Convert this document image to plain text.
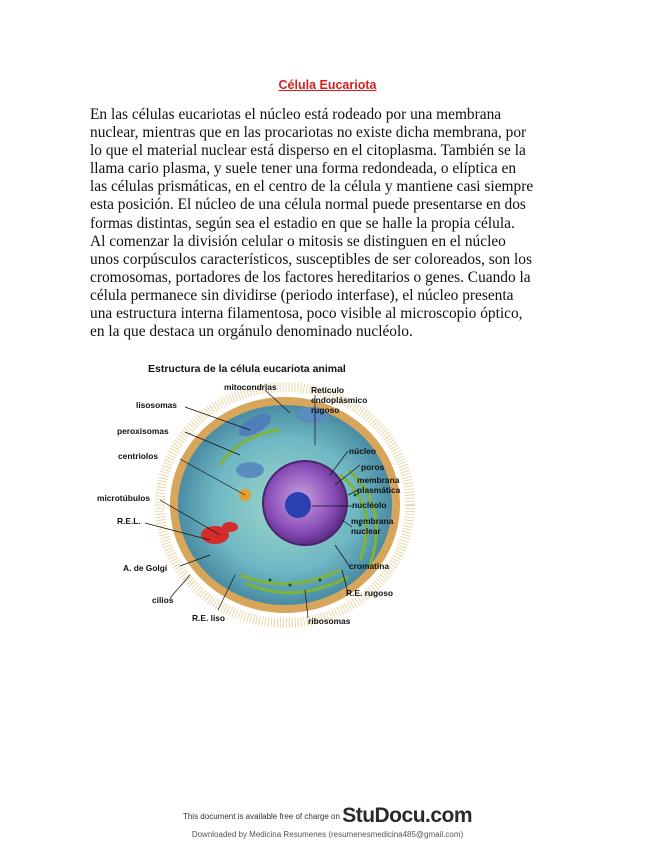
Célula Eucariota
En las células eucariotas el núcleo está rodeado por una membrana
nuclear, mientras que en las procariotas no existe dicha membrana, por
lo que el material nuclear está disperso en el citoplasma. También se la
llama cario plasma, y suele tener una forma redondeada, o elíptica en
las células prismáticas, en el centro de la célula y mantiene casi siempre
esta posición. El núcleo de una célula normal puede presentarse en dos
formas distintas, según sea el estadio en que se halle la propia célula.
Al comenzar la división celular o mitosis se distinguen en el núcleo
unos corpúsculos característicos, susceptibles de ser coloreados, son los
cromosomas, portadores de los factores hereditarios o genes. Cuando la
célula permanece sin dividirse (periodo interfase), el núcleo presenta
una estructura interna filamentosa, poco visible al microscopio óptico,
en la que destaca un orgánulo denominado nucléolo.
Estructura de la célula eucariota animal
mitocondrias	Retículo
endoplásmico
rugoso
lisosomas
peroxisomas
núcleo
centriolos
poros
membrana
plasmática
microtúbulos
nucléolo
R.E.L.	membrana
nuclear
A. de Golgi	cromatina
cilios
R.E. rugoso
R.E. liso	ribosomas
This document is available free of charge on StuDocu.com
Downloaded by Medicina Resumenes (resumenesmedicina485@gmail.com)
